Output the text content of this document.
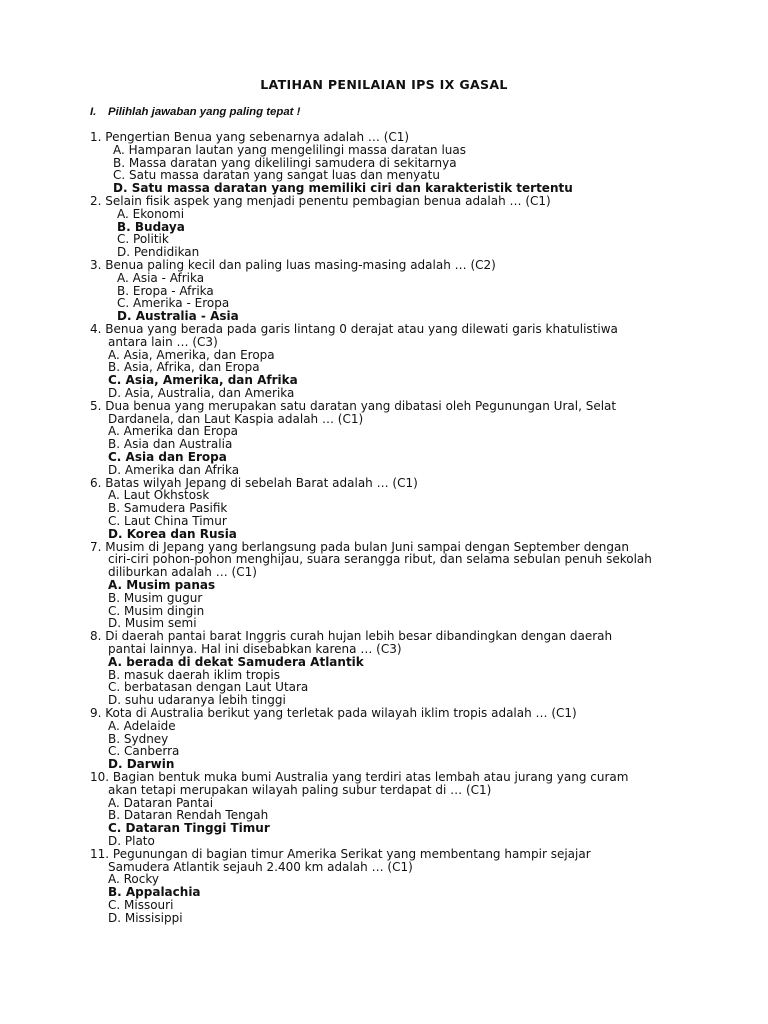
LATIHAN PENILAIAN IPS IX GASAL
I. Pilihlah jawaban yang paling tepat !
1. Pengertian Benua yang sebenarnya adalah … (C1)
A. Hamparan lautan yang mengelilingi massa daratan luas
B. Massa daratan yang dikelilingi samudera di sekitarnya
C. Satu massa daratan yang sangat luas dan menyatu
D. Satu massa daratan yang memiliki ciri dan karakteristik tertentu
2. Selain fisik aspek yang menjadi penentu pembagian benua adalah … (C1)
A. Ekonomi
B. Budaya
C. Politik
D. Pendidikan
3. Benua paling kecil dan paling luas masing-masing adalah … (C2)
A. Asia - Afrika
B. Eropa - Afrika
C. Amerika - Eropa
D. Australia - Asia
4. Benua yang berada pada garis lintang 0 derajat atau yang dilewati garis khatulistiwa
antara lain … (C3)
A. Asia, Amerika, dan Eropa
B. Asia, Afrika, dan Eropa
C. Asia, Amerika, dan Afrika
D. Asia, Australia, dan Amerika
5. Dua benua yang merupakan satu daratan yang dibatasi oleh Pegunungan Ural, Selat
Dardanela, dan Laut Kaspia adalah … (C1)
A. Amerika dan Eropa
B. Asia dan Australia
C. Asia dan Eropa
D. Amerika dan Afrika
6. Batas wilyah Jepang di sebelah Barat adalah … (C1)
A. Laut Okhstosk
B. Samudera Pasifik
C. Laut China Timur
D. Korea dan Rusia
7. Musim di Jepang yang berlangsung pada bulan Juni sampai dengan September dengan
ciri-ciri pohon-pohon menghijau, suara serangga ribut, dan selama sebulan penuh sekolah
diliburkan adalah … (C1)
A. Musim panas
B. Musim gugur
C. Musim dingin
D. Musim semi
8. Di daerah pantai barat Inggris curah hujan lebih besar dibandingkan dengan daerah
pantai lainnya. Hal ini disebabkan karena … (C3)
A. berada di dekat Samudera Atlantik
B. masuk daerah iklim tropis
C. berbatasan dengan Laut Utara
D. suhu udaranya lebih tinggi
9. Kota di Australia berikut yang terletak pada wilayah iklim tropis adalah … (C1)
A. Adelaide
B. Sydney
C. Canberra
D. Darwin
10. Bagian bentuk muka bumi Australia yang terdiri atas lembah atau jurang yang curam
akan tetapi merupakan wilayah paling subur terdapat di … (C1)
A. Dataran Pantai
B. Dataran Rendah Tengah
C. Dataran Tinggi Timur
D. Plato
11. Pegunungan di bagian timur Amerika Serikat yang membentang hampir sejajar
Samudera Atlantik sejauh 2.400 km adalah … (C1)
A. Rocky
B. Appalachia
C. Missouri
D. Missisippi
